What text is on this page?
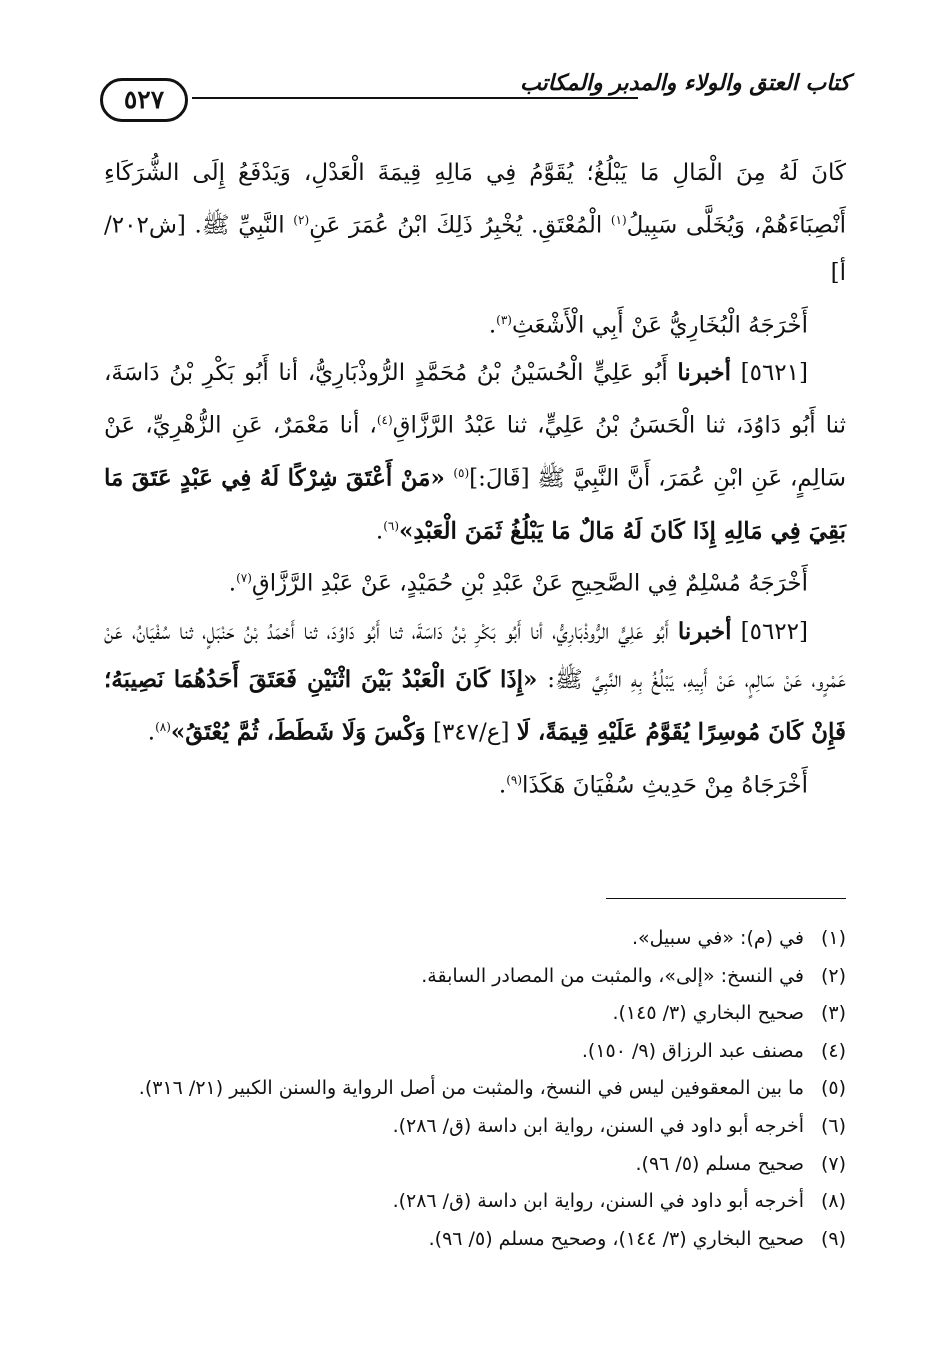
٥٢٧
كتاب العتق والولاء والمدبر والمكاتب

كَانَ لَهُ مِنَ الْمَالِ مَا يَبْلُغُ؛ يُقَوَّمُ فِي مَالِهِ قِيمَةَ الْعَدْلِ، وَيَدْفَعُ إِلَى الشُّرَكَاءِ أَنْصِبَاءَهُمْ، وَيُخَلَّى سَبِيلُ$^{(١)}$ الْمُعْتَقِ. يُخْبِرُ ذَلِكَ ابْنُ عُمَرَ عَنِ$^{(٢)}$ النَّبِيِّ ﷺ. [ش٢٠٢/أ]

أَخْرَجَهُ الْبُخَارِيُّ عَنْ أَبِي الْأَشْعَثِ$^{(٣)}$.

[٥٦٢١] أخبرنا أَبُو عَلِيٍّ الْحُسَيْنُ بْنُ مُحَمَّدٍ الرُّوذْبَارِيُّ، أنا أَبُو بَكْرِ بْنُ دَاسَةَ، ثنا أَبُو دَاوُدَ، ثنا الْحَسَنُ بْنُ عَلِيٍّ، ثنا عَبْدُ الرَّزَّاقِ$^{(٤)}$، أنا مَعْمَرٌ، عَنِ الزُّهْرِيِّ، عَنْ سَالِمٍ، عَنِ ابْنِ عُمَرَ، أَنَّ النَّبِيَّ ﷺ [قَالَ:]$^{(٥)}$ «مَنْ أَعْتَقَ شِرْكًا لَهُ فِي عَبْدٍ عَتَقَ مَا بَقِيَ فِي مَالِهِ إِذَا كَانَ لَهُ مَالٌ مَا يَبْلُغُ ثَمَنَ الْعَبْدِ»$^{(٦)}$.

أَخْرَجَهُ مُسْلِمٌ فِي الصَّحِيحِ عَنْ عَبْدِ بْنِ حُمَيْدٍ، عَنْ عَبْدِ الرَّزَّاقِ$^{(٧)}$.

[٥٦٢٢] أخبرنا أَبُو عَلِيٍّ الرُّوذْبَارِيُّ، أنا أَبُو بَكْرِ بْنُ دَاسَةَ، ثنا أَبُو دَاوُدَ، ثنا أَحْمَدُ بْنُ حَنْبَلٍ، ثنا سُفْيَانُ، عَنْ عَمْرٍو، عَنْ سَالِمٍ، عَنْ أَبِيهِ، يَبْلُغُ بِهِ النَّبِيَّ ﷺ: «إِذَا كَانَ الْعَبْدُ بَيْنَ اثْنَيْنِ فَعَتَقَ أَحَدُهُمَا نَصِيبَهُ؛ فَإِنْ كَانَ مُوسِرًا يُقَوَّمُ عَلَيْهِ قِيمَةً، لَا [ع/٣٤٧] وَكْسَ وَلَا شَطَطَ، ثُمَّ يُعْتَقُ»$^{(٨)}$.

أَخْرَجَاهُ مِنْ حَدِيثِ سُفْيَانَ هَكَذَا$^{(٩)}$.

(١)في (م): «في سبيل».
(٢)في النسخ: «إلى»، والمثبت من المصادر السابقة.
(٣)صحيح البخاري (٣/ ١٤٥).
(٤)مصنف عبد الرزاق (٩/ ١٥٠).
(٥)ما بين المعقوفين ليس في النسخ، والمثبت من أصل الرواية والسنن الكبير (٢١/ ٣١٦).
(٦)أخرجه أبو داود في السنن، رواية ابن داسة (ق/ ٢٨٦).
(٧)صحيح مسلم (٥/ ٩٦).
(٨)أخرجه أبو داود في السنن، رواية ابن داسة (ق/ ٢٨٦).
(٩)صحيح البخاري (٣/ ١٤٤)، وصحيح مسلم (٥/ ٩٦).
